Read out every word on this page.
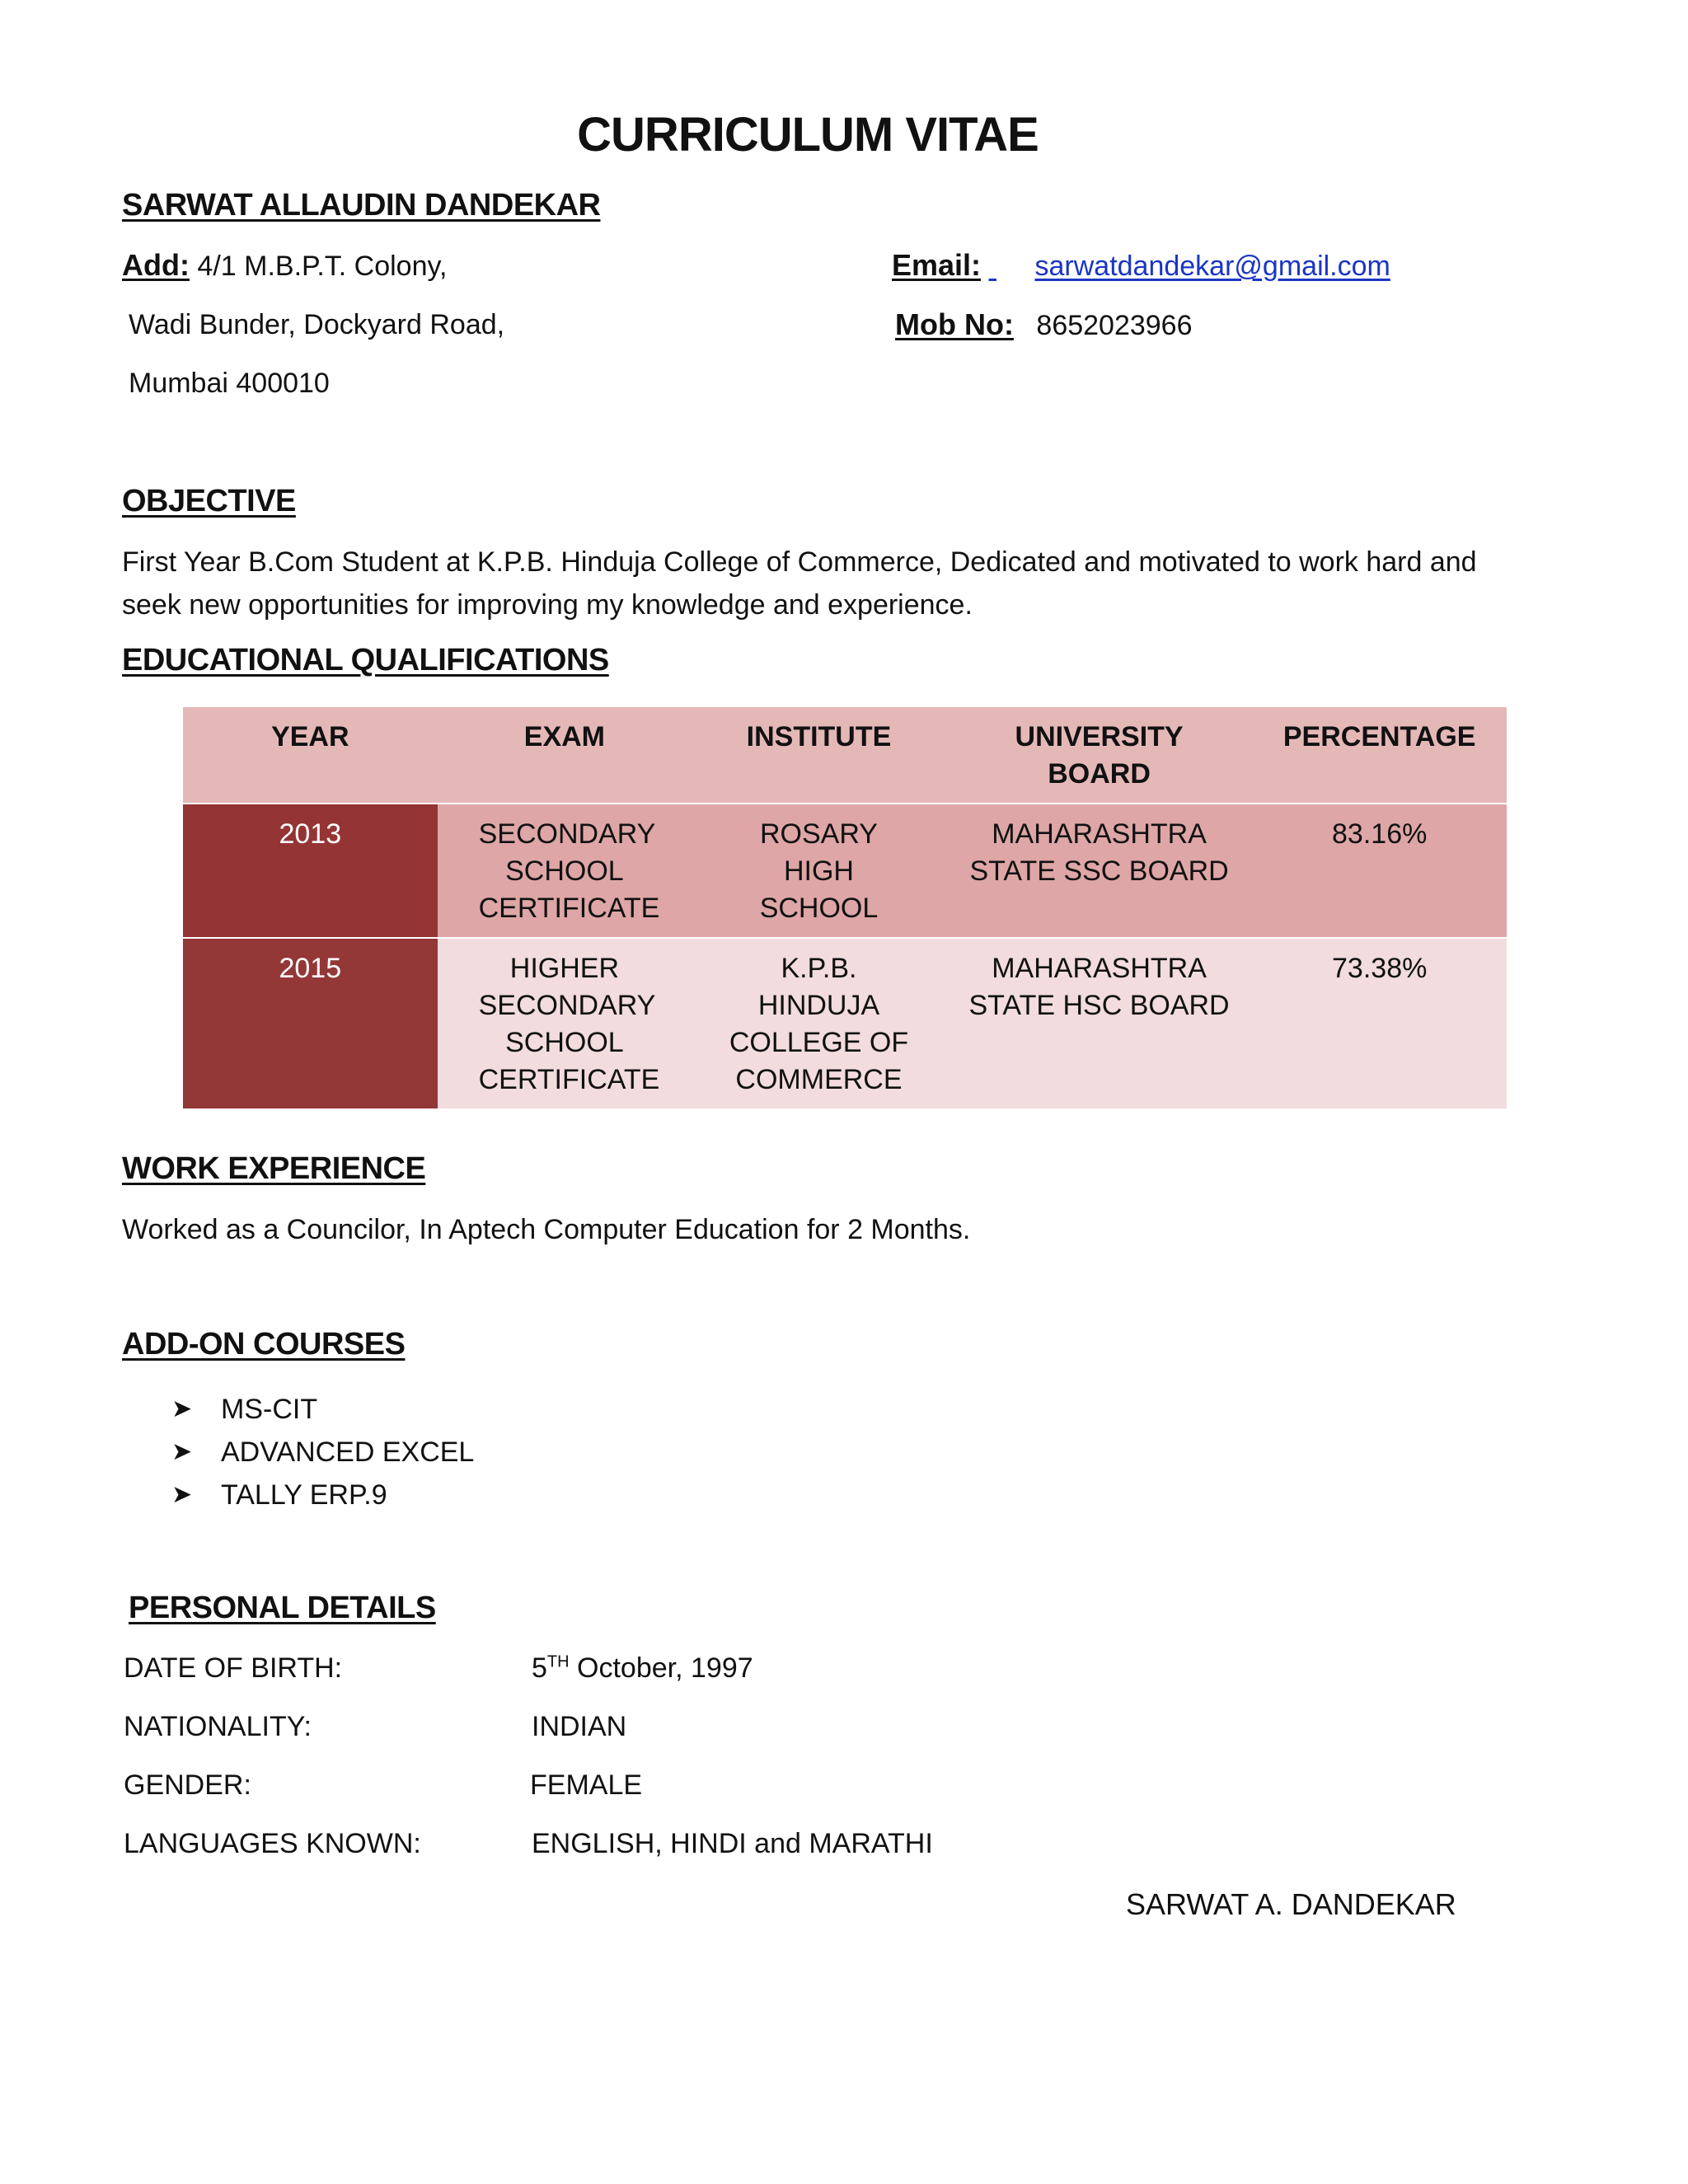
CURRICULUM VITAE
SARWAT ALLAUDIN DANDEKAR
Add: 4/1 M.B.P.T. Colony,
Wadi Bunder, Dockyard Road,
Mumbai 400010
Email: sarwatdandekar@gmail.com
Mob No: 8652023966
OBJECTIVE
First Year B.Com Student at K.P.B. Hinduja College of Commerce, Dedicated and motivated to work hard and
seek new opportunities for improving my knowledge and experience.
EDUCATIONAL QUALIFICATIONS
YEAR	EXAM	INSTITUTE	UNIVERSITY BOARD	PERCENTAGE
2013	SECONDARY SCHOOL CERTIFICATE	ROSARY HIGH SCHOOL	MAHARASHTRA STATE SSC BOARD	83.16%
2015	HIGHER SECONDARY SCHOOL CERTIFICATE	K.P.B. HINDUJA COLLEGE OF COMMERCE	MAHARASHTRA STATE HSC BOARD	73.38%
WORK EXPERIENCE
Worked as a Councilor, In Aptech Computer Education for 2 Months.
ADD-ON COURSES
➤ MS-CIT
➤ ADVANCED EXCEL
➤ TALLY ERP.9
PERSONAL DETAILS
DATE OF BIRTH:	5TH October, 1997
NATIONALITY:	INDIAN
GENDER:	FEMALE
LANGUAGES KNOWN:	ENGLISH, HINDI and MARATHI
SARWAT A. DANDEKAR
